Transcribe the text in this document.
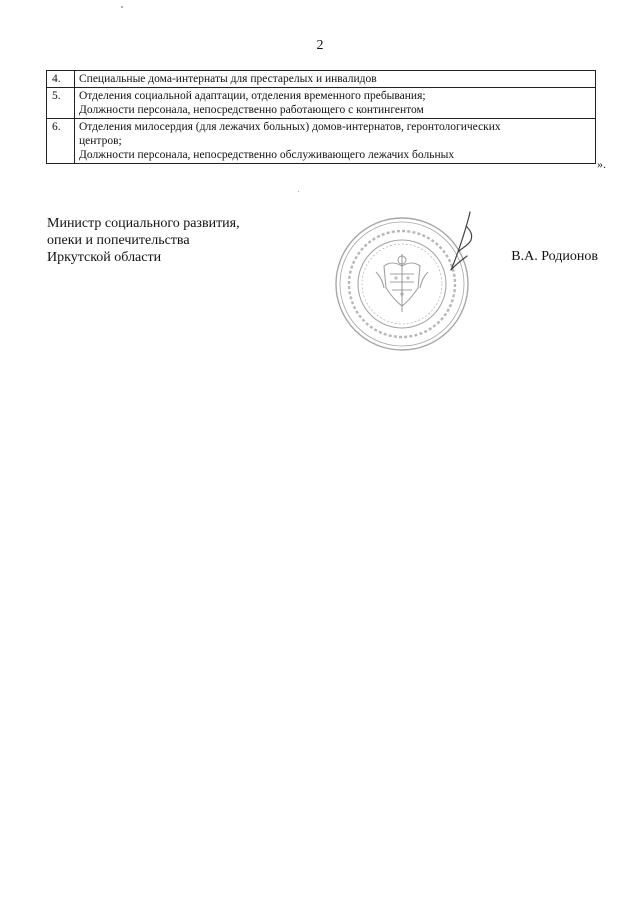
2
4.	Специальные дома-интернаты для престарелых и инвалидов

5.	Отделения социальной адаптации, отделения временного пребывания;
Должности персонала, непосредственно работающего с контингентом

6.	Отделения милосердия (для лежачих больных) домов-интернатов, геронтологических
центров;
Должности персонала, непосредственно обслуживающего лежачих больных
».
Министр социального развития,
опеки и попечительства
Иркутской области	В.А. Родионов
